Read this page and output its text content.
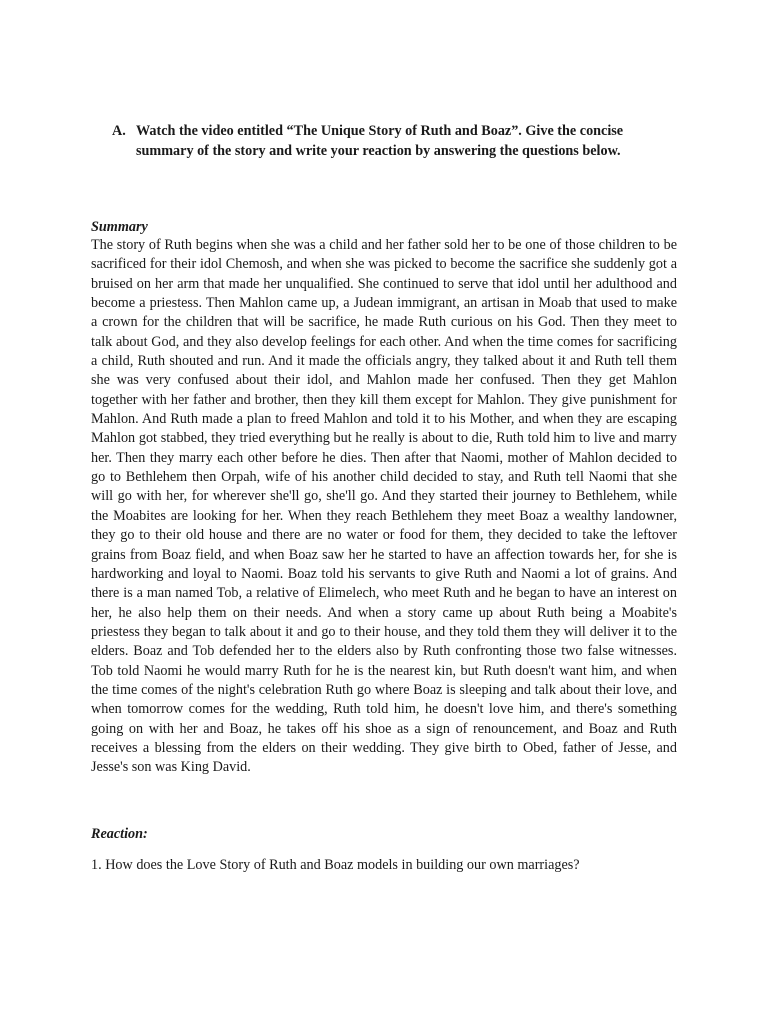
A. Watch the video entitled “The Unique Story of Ruth and Boaz”. Give the concise summary of the story and write your reaction by answering the questions below.
Summary

The story of Ruth begins when she was a child and her father sold her to be one of those children to be sacrificed for their idol Chemosh, and when she was picked to become the sacrifice she suddenly got a bruised on her arm that made her unqualified. She continued to serve that idol until her adulthood and become a priestess. Then Mahlon came up, a Judean immigrant, an artisan in Moab that used to make a crown for the children that will be sacrifice, he made Ruth curious on his God. Then they meet to talk about God, and they also develop feelings for each other. And when the time comes for sacrificing a child, Ruth shouted and run. And it made the officials angry, they talked about it and Ruth tell them she was very confused about their idol, and Mahlon made her confused. Then they get Mahlon together with her father and brother, then they kill them except for Mahlon. They give punishment for Mahlon. And Ruth made a plan to freed Mahlon and told it to his Mother, and when they are escaping Mahlon got stabbed, they tried everything but he really is about to die, Ruth told him to live and marry her. Then they marry each other before he dies. Then after that Naomi, mother of Mahlon decided to go to Bethlehem then Orpah, wife of his another child decided to stay, and Ruth tell Naomi that she will go with her, for wherever she'll go, she'll go. And they started their journey to Bethlehem, while the Moabites are looking for her. When they reach Bethlehem they meet Boaz a wealthy landowner, they go to their old house and there are no water or food for them, they decided to take the leftover grains from Boaz field, and when Boaz saw her he started to have an affection towards her, for she is hardworking and loyal to Naomi. Boaz told his servants to give Ruth and Naomi a lot of grains. And there is a man named Tob, a relative of Elimelech, who meet Ruth and he began to have an interest on her, he also help them on their needs. And when a story came up about Ruth being a Moabite's priestess they began to talk about it and go to their house, and they told them they will deliver it to the elders. Boaz and Tob defended her to the elders also by Ruth confronting those two false witnesses. Tob told Naomi he would marry Ruth for he is the nearest kin, but Ruth doesn't want him, and when the time comes of the night's celebration Ruth go where Boaz is sleeping and talk about their love, and when tomorrow comes for the wedding, Ruth told him, he doesn't love him, and there's something going on with her and Boaz, he takes off his shoe as a sign of renouncement, and Boaz and Ruth receives a blessing from the elders on their wedding. They give birth to Obed, father of Jesse, and Jesse's son was King David.

Reaction:
1. How does the Love Story of Ruth and Boaz models in building our own marriages?
